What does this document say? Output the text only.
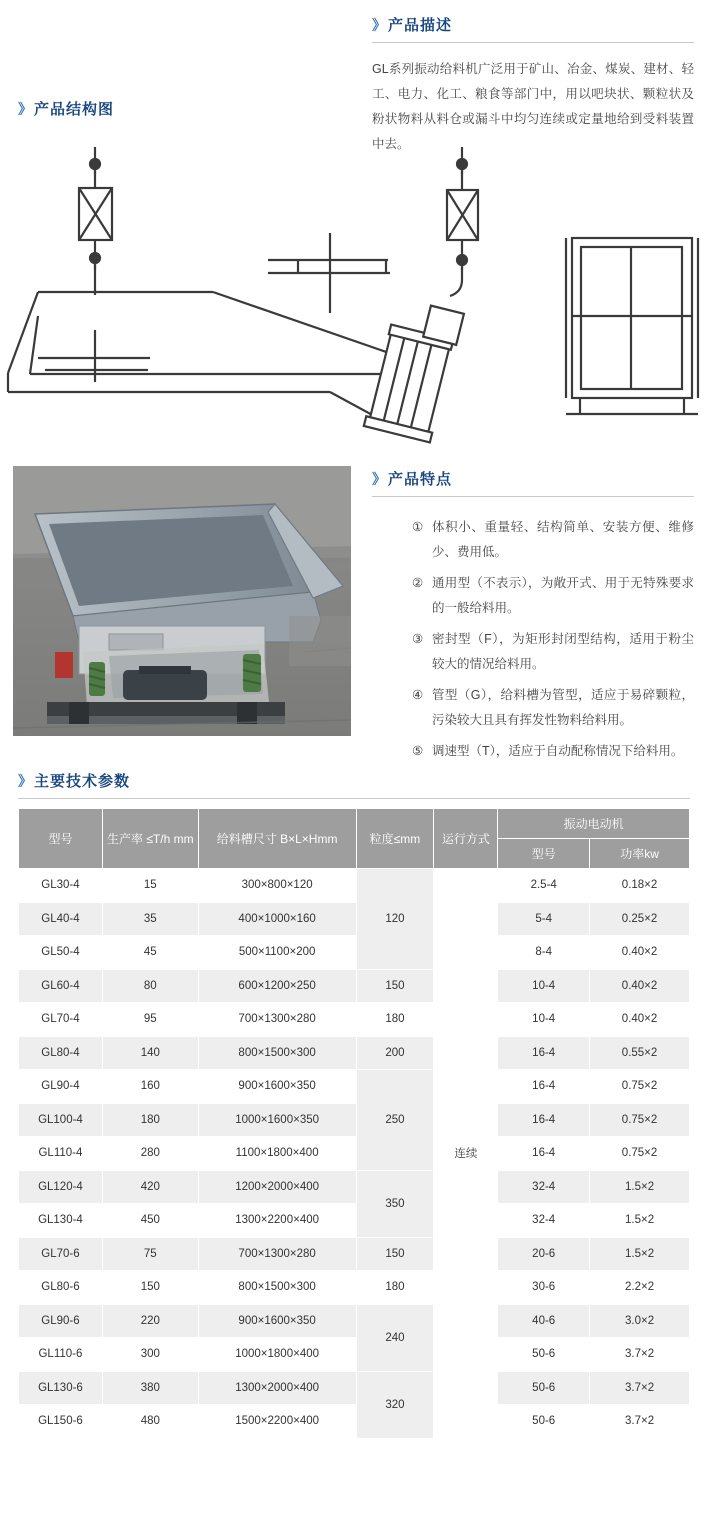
》 产品描述
GL系列振动给料机广泛用于矿山、冶金、煤炭、建材、轻工、电力、化工、粮食等部门中，用以吧块状、颗粒状及粉状物料从料仓或漏斗中均匀连续或定量地给到受料装置中去。
》 产品结构图
》 产品特点
① 体积小、重量轻、结构简单、安装方便、维修少、费用低。
② 通用型（不表示），为敞开式、用于无特殊要求的一般给料用。
③ 密封型（F），为矩形封闭型结构，适用于粉尘较大的情况给料用。
④ 管型（G），给料槽为管型，适应于易碎颗粒，污染较大且具有挥发性物料给料用。
⑤ 调速型（T），适应于自动配称情况下给料用。
》 主要技术参数
型号	生产率 ≤T/h mm	给料槽尺寸 B×L×Hmm	粒度≤mm	运行方式	振动电动机	
					型号	功率kw
GL30-4	15	300×800×120	120	连续	2.5-4	0.18×2
GL40-4	35	400×1000×160			5-4	0.25×2
GL50-4	45	500×1100×200			8-4	0.40×2
GL60-4	80	600×1200×250	150		10-4	0.40×2
GL70-4	95	700×1300×280	180		10-4	0.40×2
GL80-4	140	800×1500×300	200		16-4	0.55×2
GL90-4	160	900×1600×350	250		16-4	0.75×2
GL100-4	180	1000×1600×350			16-4	0.75×2
GL110-4	280	1100×1800×400			16-4	0.75×2
GL120-4	420	1200×2000×400	350		32-4	1.5×2
GL130-4	450	1300×2200×400			32-4	1.5×2
GL70-6	75	700×1300×280	150		20-6	1.5×2
GL80-6	150	800×1500×300	180		30-6	2.2×2
GL90-6	220	900×1600×350	240		40-6	3.0×2
GL110-6	300	1000×1800×400			50-6	3.7×2
GL130-6	380	1300×2000×400	320		50-6	3.7×2
GL150-6	480	1500×2200×400			50-6	3.7×2
